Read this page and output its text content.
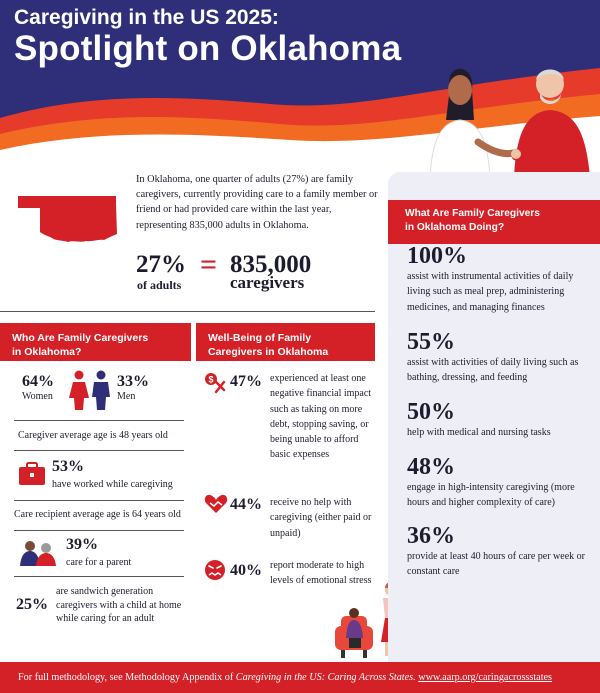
Caregiving in the US 2025:
Spotlight on Oklahoma

In Oklahoma, one quarter of adults (27%) are family caregivers, currently providing care to a family member or friend or had provided care within the last year, representing 835,000 adults in Oklahoma.

27%
of adults
= 835,000
caregivers
Who Are Family Caregivers
in Oklahoma?
64%
Women
33%
Men
Caregiver average age is 48 years old
53%
have worked while caregiving
Care recipient average age is 64 years old
39%
care for a parent
25%

are sandwich generation caregivers with a child at home while caring for an adult

Well-Being of Family
Caregivers in Oklahoma
$ 47% experienced at least one negative financial impact such as taking on more debt, stopping saving, or being unable to afford basic expenses

44% receive no help with caregiving (either paid or unpaid)

40% report moderate to high levels of emotional stress

What Are Family Caregivers
in Oklahoma Doing?
100%

assist with instrumental activities of daily living such as meal prep, administering medicines, and managing finances

55%

assist with activities of daily living such as bathing, dressing, and feeding

50%

help with medical and nursing tasks

48%

engage in high-intensity caregiving (more hours and higher complexity of care)

36%

provide at least 40 hours of care per week or constant care

For full methodology, see Methodology Appendix of Caregiving in the US: Caring Across States. www.aarp.org/caringacrossstates
